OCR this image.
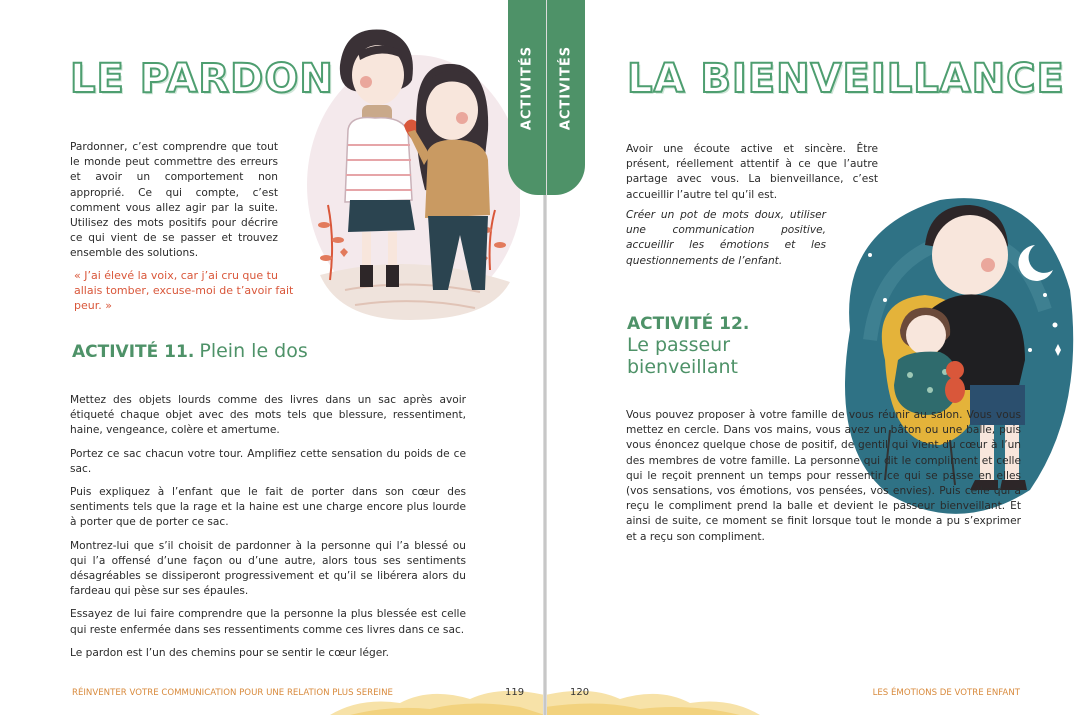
LE PARDON
Pardonner, c’est comprendre que tout le monde peut commettre des erreurs et avoir un comportement non approprié. Ce qui compte, c’est comment vous allez agir par la suite. Utilisez des mots positifs pour décrire ce qui vient de se passer et trouvez ensemble des solutions.
« J’ai élevé la voix, car j’ai cru que tu allais tomber, excuse-moi de t’avoir fait peur. »
ACTIVITÉ 11. Plein le dos

Mettez des objets lourds comme des livres dans un sac après avoir étiqueté chaque objet avec des mots tels que blessure, ressentiment, haine, vengeance, colère et amertume.

Portez ce sac chacun votre tour. Amplifiez cette sensation du poids de ce sac.

Puis expliquez à l’enfant que le fait de porter dans son cœur des sentiments tels que la rage et la haine est une charge encore plus lourde à porter que de porter ce sac.

Montrez-lui que s’il choisit de pardonner à la personne qui l’a blessé ou qui l’a offensé d’une façon ou d’une autre, alors tous ses sentiments désagréables se dissiperont progressivement et qu’il se libérera alors du fardeau qui pèse sur ses épaules.

Essayez de lui faire comprendre que la personne la plus blessée est celle qui reste enfermée dans ses ressentiments comme ces livres dans ce sac.

Le pardon est l’un des chemins pour se sentir le cœur léger.

RÉINVENTER VOTRE COMMUNICATION POUR UNE RELATION PLUS SEREINE	119
LA BIENVEILLANCE
Avoir une écoute active et sincère. Être présent, réellement attentif à ce que l’autre partage avec vous. La bienveillance, c’est accueillir l’autre tel qu’il est.
Créer un pot de mots doux, utiliser une communication positive, accueillir les émotions et les questionnements de l’enfant.
ACTIVITÉ 12.
Le passeur
bienveillant
Vous pouvez proposer à votre famille de vous réunir au salon. Vous vous mettez en cercle. Dans vos mains, vous avez un bâton ou une balle, puis vous énoncez quelque chose de positif, de gentil qui vient du cœur à l’un des membres de votre famille. La personne qui dit le compliment et celle qui le reçoit prennent un temps pour ressentir ce qui se passe en elles (vos sensations, vos émotions, vos pensées, vos envies). Puis celle qui a reçu le compliment prend la balle et devient le passeur bienveillant. Et ainsi de suite, ce moment se finit lorsque tout le monde a pu s’exprimer et a reçu son compliment.
120	LES ÉMOTIONS DE VOTRE ENFANT
ACTIVITÉS ACTIVITÉS
